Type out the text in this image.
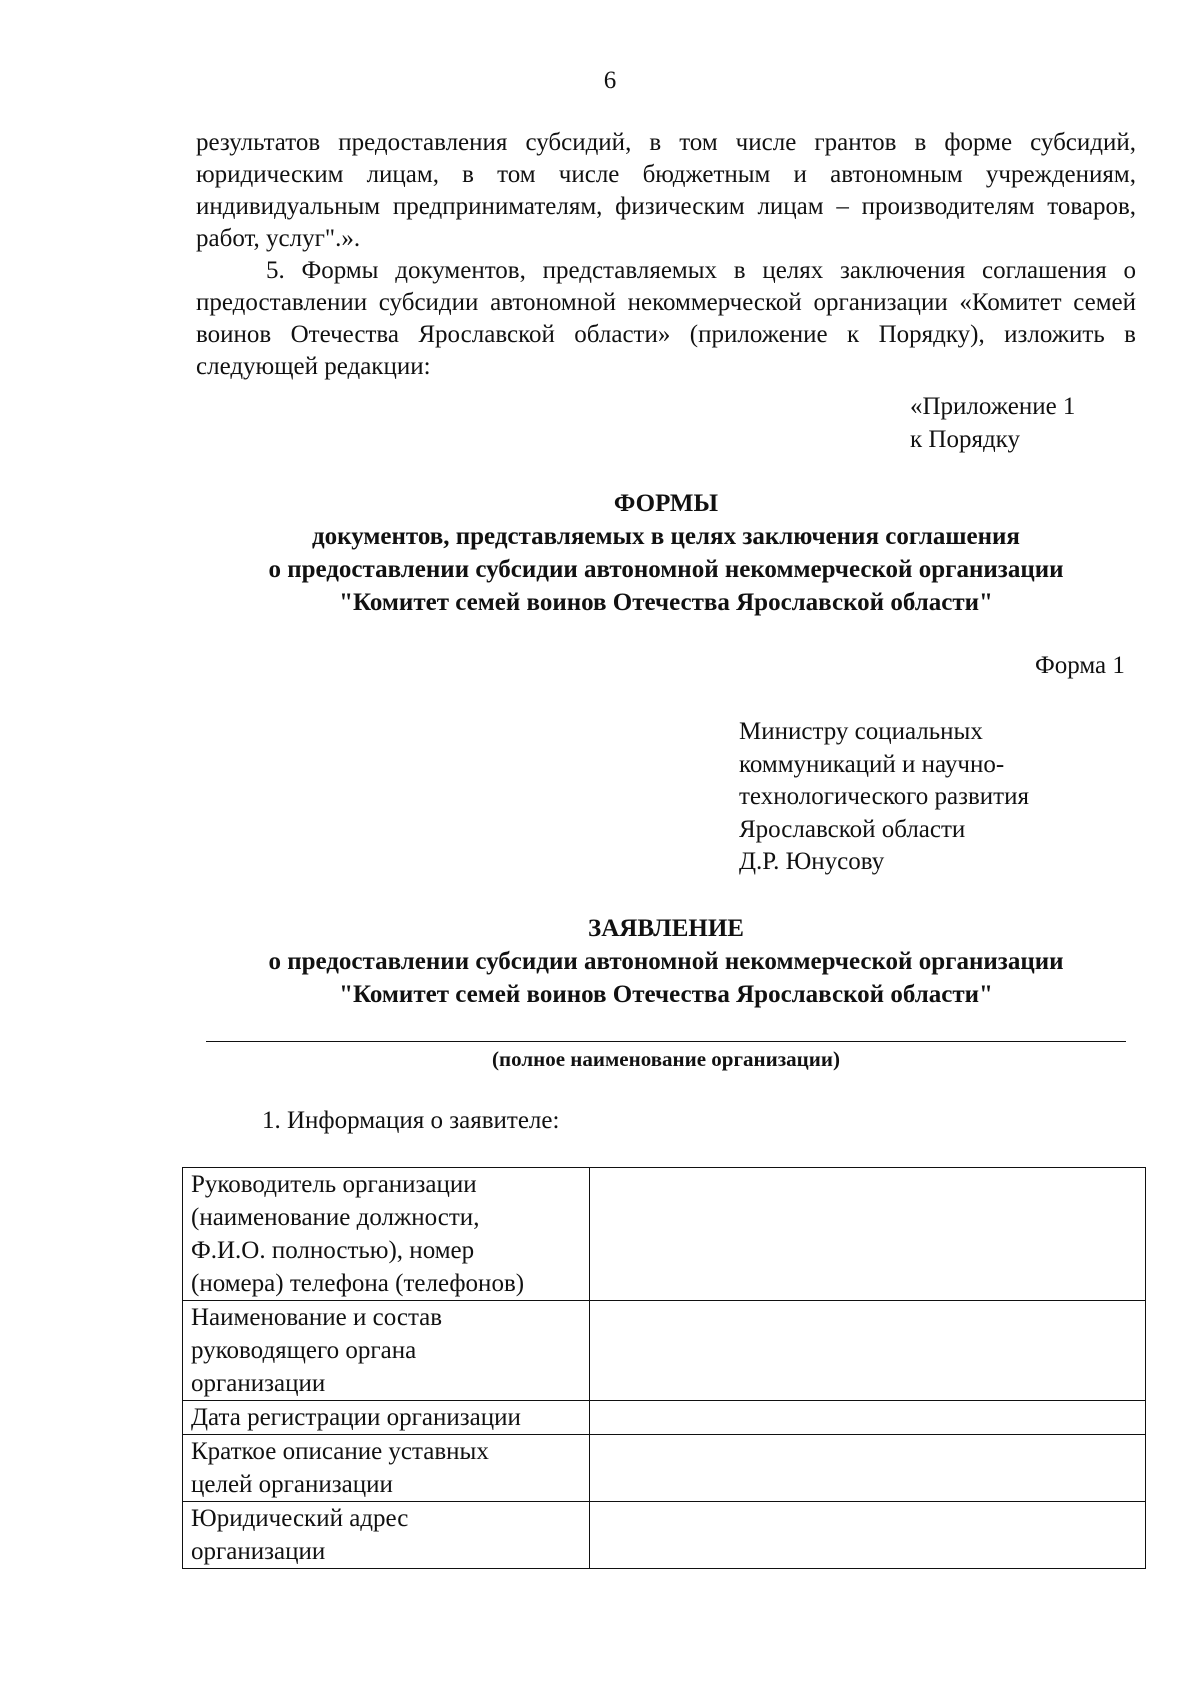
6

результатов предоставления субсидий, в том числе грантов в форме субсидий, юридическим лицам, в том числе бюджетным и автономным учреждениям, индивидуальным предпринимателям, физическим лицам – производителям товаров, работ, услуг".».

5. Формы документов, представляемых в целях заключения соглашения о предоставлении субсидии автономной некоммерческой организации «Комитет семей воинов Отечества Ярославской области» (приложение к Порядку), изложить в следующей редакции:

«Приложение 1
к Порядку
ФОРМЫ
документов, представляемых в целях заключения соглашения
о предоставлении субсидии автономной некоммерческой организации
"Комитет семей воинов Отечества Ярославской области"
Форма 1
Министру социальных
коммуникаций и научно-
технологического развития
Ярославской области
Д.Р. Юнусову
ЗАЯВЛЕНИЕ
о предоставлении субсидии автономной некоммерческой организации
"Комитет семей воинов Отечества Ярославской области"
(полное наименование организации)
1. Информация о заявителе:
Руководитель организации
(наименование должности,
Ф.И.О. полностью), номер
(номера) телефона (телефонов)	

Наименование и состав
руководящего органа
организации	

Дата регистрации организации	

Краткое описание уставных
целей организации	

Юридический адрес
организации	
